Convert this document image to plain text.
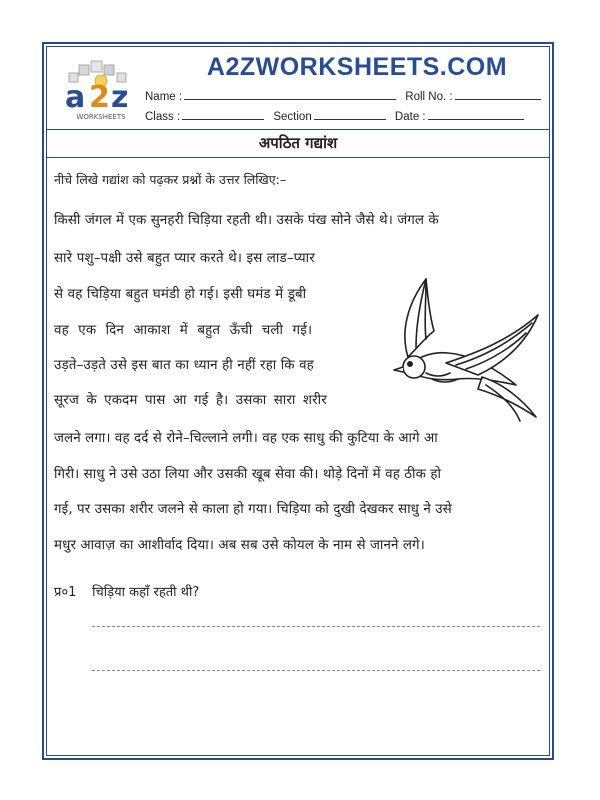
a 2 z
WORKSHEETS
A2ZWORKSHEETS.COM
Name :	Roll No. :
Class :	Section	Date :
अपठित गद्यांश
नीचे लिखे गद्यांश को पढ़कर प्रश्नों के उत्तर लिखिए:–
किसी जंगल में एक सुनहरी चिड़िया रहती थी। उसके पंख सोने जैसे थे। जंगल के
सारे पशु–पक्षी उसे बहुत प्यार करते थे। इस लाड–प्यार
से वह चिड़िया बहुत घमंडी हो गई। इसी घमंड में डूबी
वह एक दिन आकाश में बहुत ऊँची चली गई।
उड़ते–उड़ते उसे इस बात का ध्यान ही नहीं रहा कि वह
सूरज के एकदम पास आ गई है। उसका सारा शरीर
जलने लगा। वह दर्द से रोने–चिल्लाने लगी। वह एक साधु की कुटिया के आगे आ
गिरी। साधु ने उसे उठा लिया और उसकी खूब सेवा की। थोड़े दिनों में वह ठीक हो
गई, पर उसका शरीर जलने से काला हो गया। चिड़िया को दुखी देखकर साधु ने उसे
मधुर आवाज़ का आशीर्वाद दिया। अब सब उसे कोयल के नाम से जानने लगे।
प्र०1 चिड़िया कहाँ रहती थी?
